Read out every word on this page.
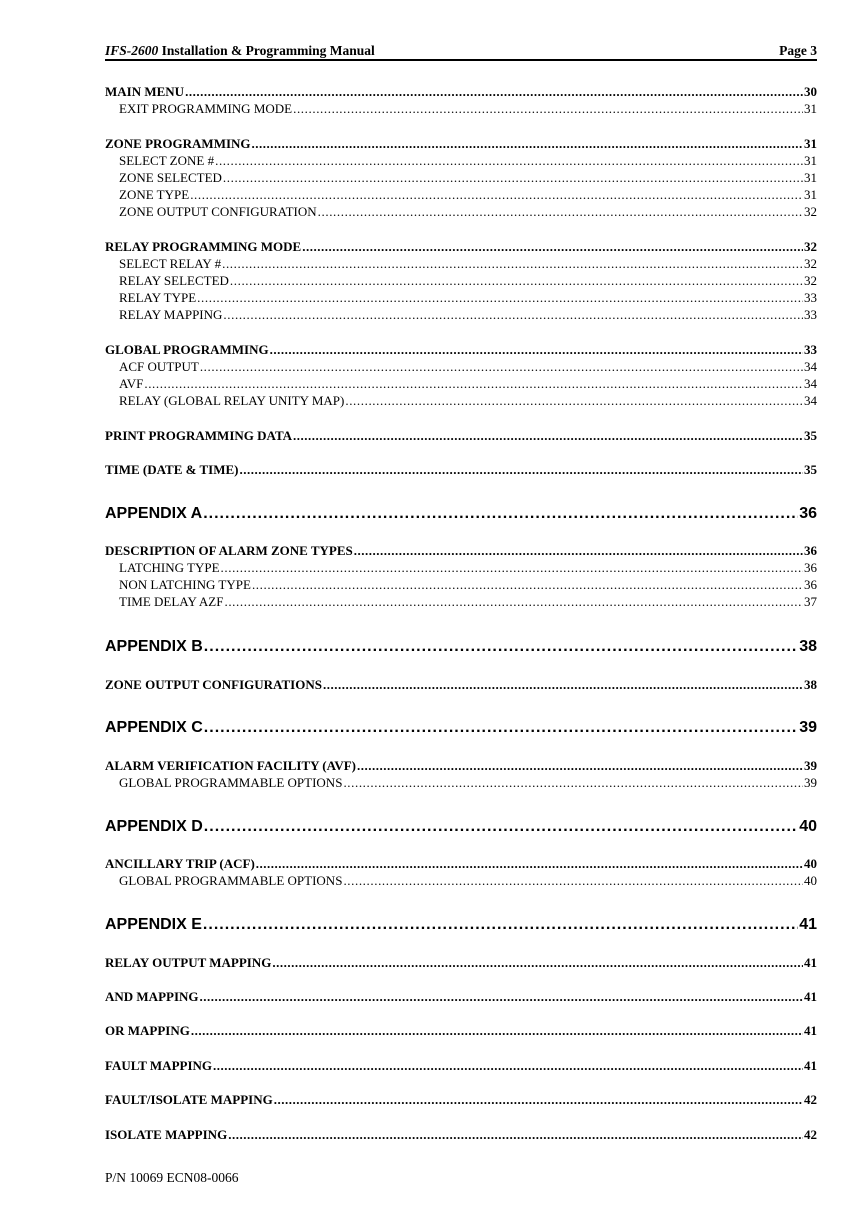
IFS-2600 Installation & Programming Manual	Page 3
MAIN MENU .....	30
EXIT PROGRAMMING MODE .....	31
ZONE PROGRAMMING .....	31
SELECT ZONE # .....	31
ZONE SELECTED .....	31
ZONE TYPE .....	31
ZONE OUTPUT CONFIGURATION .....	32
RELAY PROGRAMMING MODE .....	32
SELECT RELAY # .....	32
RELAY SELECTED .....	32
RELAY TYPE .....	33
RELAY MAPPING .....	33
GLOBAL PROGRAMMING .....	33
ACF OUTPUT .....	34
AVF .....	34
RELAY (GLOBAL RELAY UNITY MAP) .....	34
PRINT PROGRAMMING DATA .....	35
TIME (DATE & TIME) .....	35
APPENDIX A .....	36
DESCRIPTION OF ALARM ZONE TYPES .....	36
LATCHING TYPE .....	36
NON LATCHING TYPE .....	36
TIME DELAY AZF .....	37
APPENDIX B .....	38
ZONE OUTPUT CONFIGURATIONS .....	38
APPENDIX C .....	39
ALARM VERIFICATION FACILITY (AVF) .....	39
GLOBAL PROGRAMMABLE OPTIONS .....	39
APPENDIX D .....	40
ANCILLARY TRIP (ACF) .....	40
GLOBAL PROGRAMMABLE OPTIONS .....	40
APPENDIX E .....	41
RELAY OUTPUT MAPPING .....	41
AND MAPPING .....	41
OR MAPPING .....	41
FAULT MAPPING .....	41
FAULT/ISOLATE MAPPING .....	42
ISOLATE MAPPING .....	42
P/N 10069 ECN08-0066
